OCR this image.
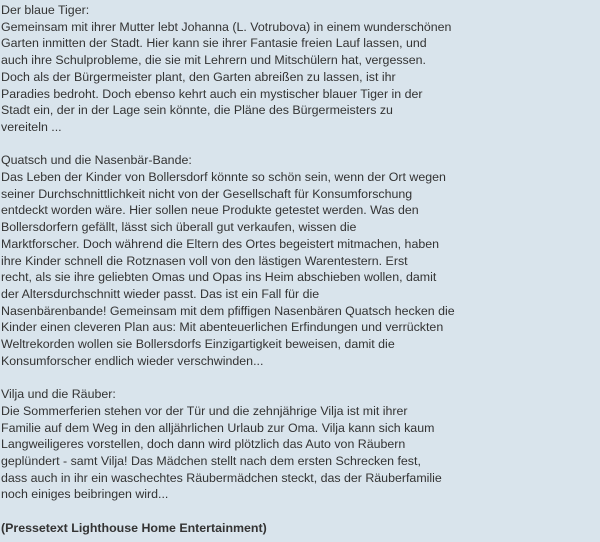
Der blaue Tiger:
Gemeinsam mit ihrer Mutter lebt Johanna (L. Votrubova) in einem wunderschönen
Garten inmitten der Stadt. Hier kann sie ihrer Fantasie freien Lauf lassen, und
auch ihre Schulprobleme, die sie mit Lehrern und Mitschülern hat, vergessen.
Doch als der Bürgermeister plant, den Garten abreißen zu lassen, ist ihr
Paradies bedroht. Doch ebenso kehrt auch ein mystischer blauer Tiger in der
Stadt ein, der in der Lage sein könnte, die Pläne des Bürgermeisters zu
vereiteln ...
Quatsch und die Nasenbär-Bande:
Das Leben der Kinder von Bollersdorf könnte so schön sein, wenn der Ort wegen
seiner Durchschnittlichkeit nicht von der Gesellschaft für Konsumforschung
entdeckt worden wäre. Hier sollen neue Produkte getestet werden. Was den
Bollersdorfern gefällt, lässt sich überall gut verkaufen, wissen die
Marktforscher. Doch während die Eltern des Ortes begeistert mitmachen, haben
ihre Kinder schnell die Rotznasen voll von den lästigen Warentestern. Erst
recht, als sie ihre geliebten Omas und Opas ins Heim abschieben wollen, damit
der Altersdurchschnitt wieder passt. Das ist ein Fall für die
Nasenbärenbande! Gemeinsam mit dem pfiffigen Nasenbären Quatsch hecken die
Kinder einen cleveren Plan aus: Mit abenteuerlichen Erfindungen und verrückten
Weltrekorden wollen sie Bollersdorfs Einzigartigkeit beweisen, damit die
Konsumforscher endlich wieder verschwinden...
Vilja und die Räuber:
Die Sommerferien stehen vor der Tür und die zehnjährige Vilja ist mit ihrer
Familie auf dem Weg in den alljährlichen Urlaub zur Oma. Vilja kann sich kaum
Langweiligeres vorstellen, doch dann wird plötzlich das Auto von Räubern
geplündert - samt Vilja! Das Mädchen stellt nach dem ersten Schrecken fest,
dass auch in ihr ein waschechtes Räubermädchen steckt, das der Räuberfamilie
noch einiges beibringen wird...
(Pressetext Lighthouse Home Entertainment)
